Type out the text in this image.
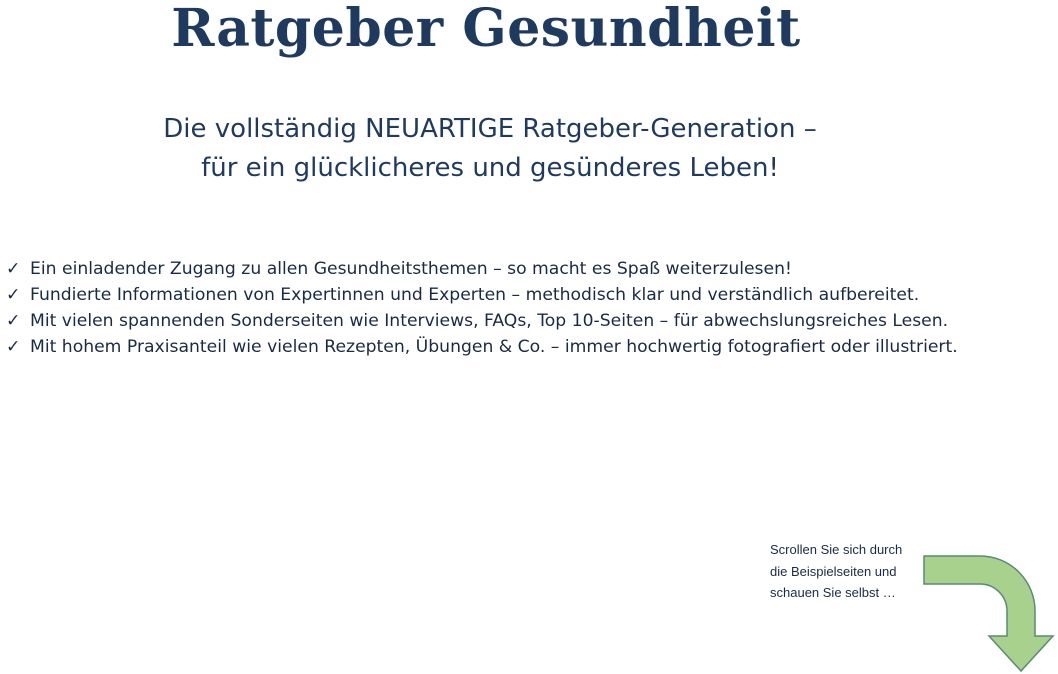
Ratgeber Gesundheit
Die vollständig NEUARTIGE Ratgeber-Generation –
für ein glücklicheres und gesünderes Leben!
✓ Ein einladender Zugang zu allen Gesundheitsthemen – so macht es Spaß weiterzulesen!
✓ Fundierte Informationen von Expertinnen und Experten – methodisch klar und verständlich aufbereitet.
✓ Mit vielen spannenden Sonderseiten wie Interviews, FAQs, Top 10-Seiten – für abwechslungsreiches Lesen.
✓ Mit hohem Praxisanteil wie vielen Rezepten, Übungen & Co. – immer hochwertig fotografiert oder illustriert.
Scrollen Sie sich durch
die Beispielseiten und
schauen Sie selbst …
